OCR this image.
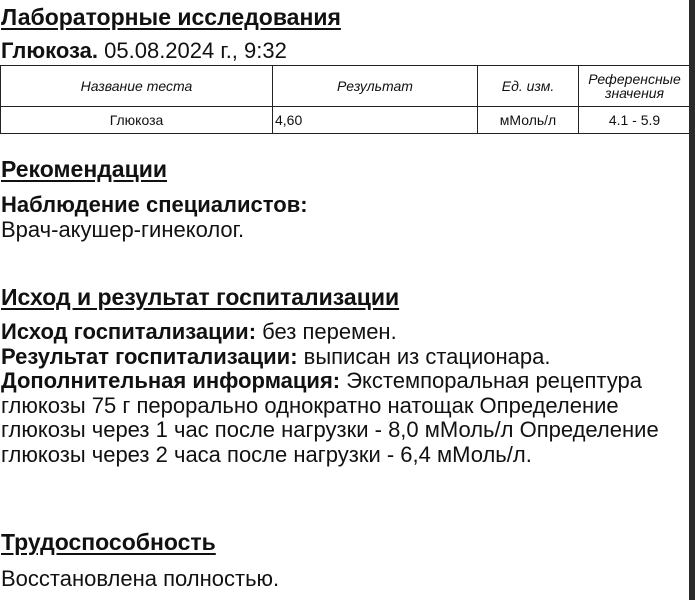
Лабораторные исследования
Глюкоза. 05.08.2024 г., 9:32
Название теста	Результат	Ед. изм.	Референсные значения
Глюкоза	4,60	мМоль/л	4.1 - 5.9
Рекомендации
Наблюдение специалистов:
Врач-акушер-гинеколог.
Исход и результат госпитализации
Исход госпитализации: без перемен.
Результат госпитализации: выписан из стационара.
Дополнительная информация: Экстемпоральная рецептура глюкозы 75 г перорально однократно натощак Определение глюкозы через 1 час после нагрузки - 8,0 мМоль/л Определение глюкозы через 2 часа после нагрузки - 6,4 мМоль/л.
Трудоспособность
Восстановлена полностью.
